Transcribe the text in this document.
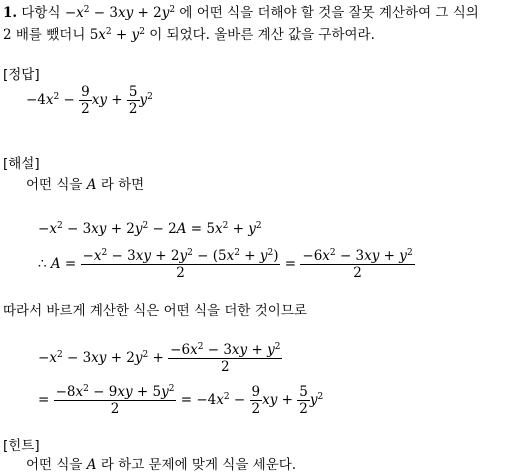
1. 다항식 $-x^2 - 3xy + 2y^2$ 에 어떤 식을 더해야 할 것을 잘못 계산하여 그 식의
2 배를 뺐더니 $5x^2 + y^2$ 이 되었다. 올바른 계산 값을 구하여라.
[정답]
$-4x^2 - \frac{9}{2}$ xy + $\frac{5}{2} y^2$
[해설]
어떤 식을 A 라 하면
$-x^2 - 3xy + 2y^2 - 2A = 5x^2 + y^2$
∴ $A = \frac{-x^2 - 3xy + 2y^2 - (5x^2 + y^2)}{2} = \frac{-6x^2 - 3xy + y^2}{2}$
따라서 바르게 계산한 식은 어떤 식을 더한 것이므로
$-x^2 - 3xy + 2y^2 + \frac{-6x^2 - 3xy + y^2}{2}$
= $\frac{-8x^2 - 9xy + 5y^2}{2} = -4x^2 - \frac{9}{2}$ xy + $\frac{5}{2} y^2$
[힌트]
어떤 식을 A 라 하고 문제에 맞게 식을 세운다.
